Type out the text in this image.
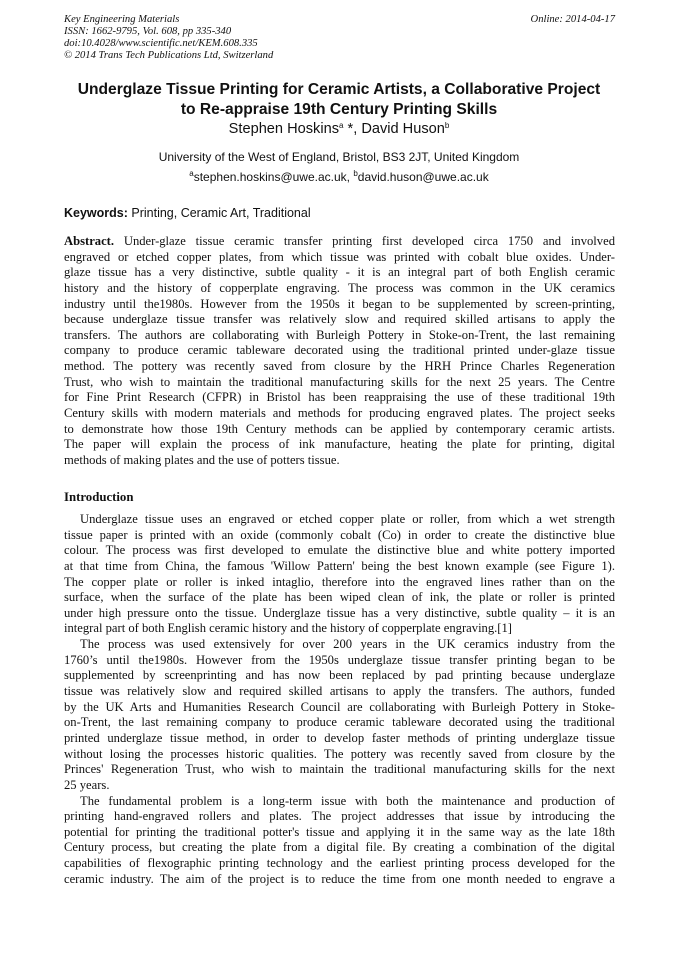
Key Engineering Materials
ISSN: 1662-9795, Vol. 608, pp 335-340
doi:10.4028/www.scientific.net/KEM.608.335
© 2014 Trans Tech Publications Ltd, Switzerland
Online: 2014-04-17
Underglaze Tissue Printing for Ceramic Artists, a Collaborative Project
to Re-appraise 19th Century Printing Skills
Stephen Hoskins$^a$ *, David Huson$^b$
University of the West of England, Bristol, BS3 2JT, United Kingdom
$^a$stephen.hoskins@uwe.ac.uk, $^b$david.huson@uwe.ac.uk
Keywords: Printing, Ceramic Art, Traditional
Abstract. Under-glaze tissue ceramic transfer printing first developed circa 1750 and involved
engraved or etched copper plates, from which tissue was printed with cobalt blue oxides. Under-
glaze tissue has a very distinctive, subtle quality - it is an integral part of both English ceramic
history and the history of copperplate engraving. The process was common in the UK ceramics
industry until the1980s. However from the 1950s it began to be supplemented by screen-printing,
because underglaze tissue transfer was relatively slow and required skilled artisans to apply the
transfers. The authors are collaborating with Burleigh Pottery in Stoke-on-Trent, the last remaining
company to produce ceramic tableware decorated using the traditional printed under-glaze tissue
method. The pottery was recently saved from closure by the HRH Prince Charles Regeneration
Trust, who wish to maintain the traditional manufacturing skills for the next 25 years. The Centre
for Fine Print Research (CFPR) in Bristol has been reappraising the use of these traditional 19th
Century skills with modern materials and methods for producing engraved plates. The project seeks
to demonstrate how those 19th Century methods can be applied by contemporary ceramic artists.
The paper will explain the process of ink manufacture, heating the plate for printing, digital
methods of making plates and the use of potters tissue.
Introduction
Underglaze tissue uses an engraved or etched copper plate or roller, from which a wet strength
tissue paper is printed with an oxide (commonly cobalt (Co) in order to create the distinctive blue
colour. The process was first developed to emulate the distinctive blue and white pottery imported
at that time from China, the famous 'Willow Pattern' being the best known example (see Figure 1).
The copper plate or roller is inked intaglio, therefore into the engraved lines rather than on the
surface, when the surface of the plate has been wiped clean of ink, the plate or roller is printed
under high pressure onto the tissue. Underglaze tissue has a very distinctive, subtle quality – it is an
integral part of both English ceramic history and the history of copperplate engraving.[1]
The process was used extensively for over 200 years in the UK ceramics industry from the
1760’s until the1980s. However from the 1950s underglaze tissue transfer printing began to be
supplemented by screenprinting and has now been replaced by pad printing because underglaze
tissue was relatively slow and required skilled artisans to apply the transfers. The authors, funded
by the UK Arts and Humanities Research Council are collaborating with Burleigh Pottery in Stoke-
on-Trent, the last remaining company to produce ceramic tableware decorated using the traditional
printed underglaze tissue method, in order to develop faster methods of printing underglaze tissue
without losing the processes historic qualities. The pottery was recently saved from closure by the
Princes' Regeneration Trust, who wish to maintain the traditional manufacturing skills for the next
25 years.
The fundamental problem is a long-term issue with both the maintenance and production of
printing hand-engraved rollers and plates. The project addresses that issue by introducing the
potential for printing the traditional potter's tissue and applying it in the same way as the late 18th
Century process, but creating the plate from a digital file. By creating a combination of the digital
capabilities of flexographic printing technology and the earliest printing process developed for the
ceramic industry. The aim of the project is to reduce the time from one month needed to engrave a
